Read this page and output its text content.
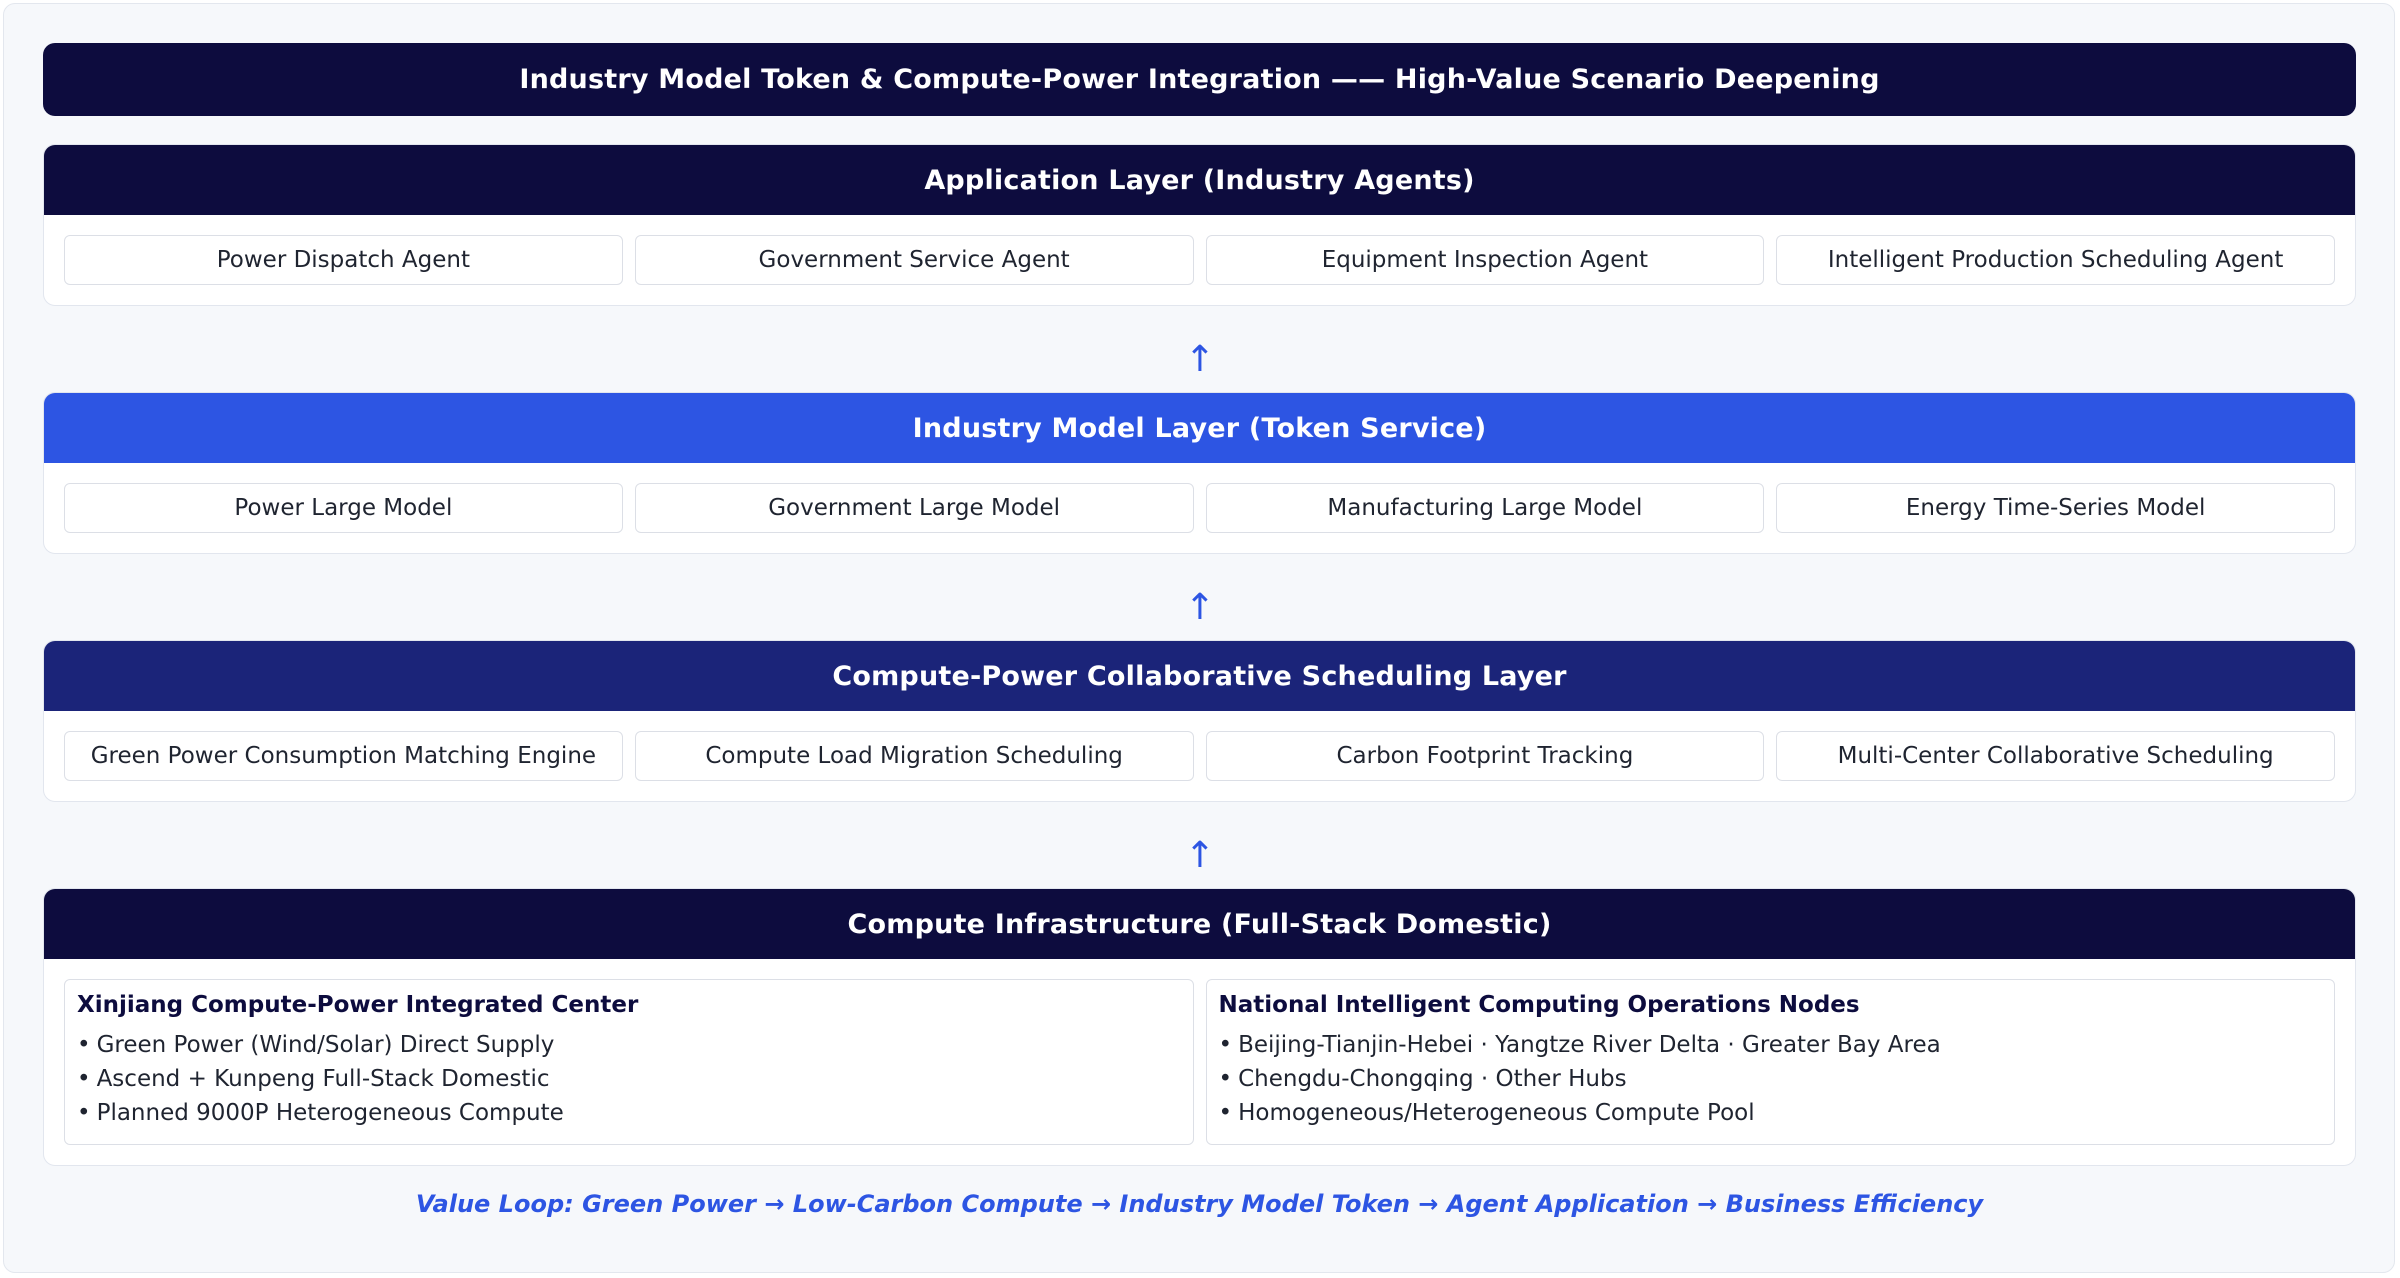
Industry Model Token & Compute-Power Integration —— High-Value Scenario Deepening
Application Layer (Industry Agents)
Power Dispatch Agent	Government Service Agent	Equipment Inspection Agent	Intelligent Production Scheduling Agent
↑
Industry Model Layer (Token Service)
Power Large Model	Government Large Model	Manufacturing Large Model	Energy Time-Series Model
↑
Compute-Power Collaborative Scheduling Layer
Green Power Consumption Matching Engine	Compute Load Migration Scheduling	Carbon Footprint Tracking	Multi-Center Collaborative Scheduling
↑
Compute Infrastructure (Full-Stack Domestic)
Xinjiang Compute-Power Integrated Center
• Green Power (Wind/Solar) Direct Supply
• Ascend + Kunpeng Full-Stack Domestic
• Planned 9000P Heterogeneous Compute
National Intelligent Computing Operations Nodes
• Beijing-Tianjin-Hebei · Yangtze River Delta · Greater Bay Area
• Chengdu-Chongqing · Other Hubs
• Homogeneous/Heterogeneous Compute Pool
Value Loop: Green Power → Low-Carbon Compute → Industry Model Token → Agent Application → Business Efficiency
